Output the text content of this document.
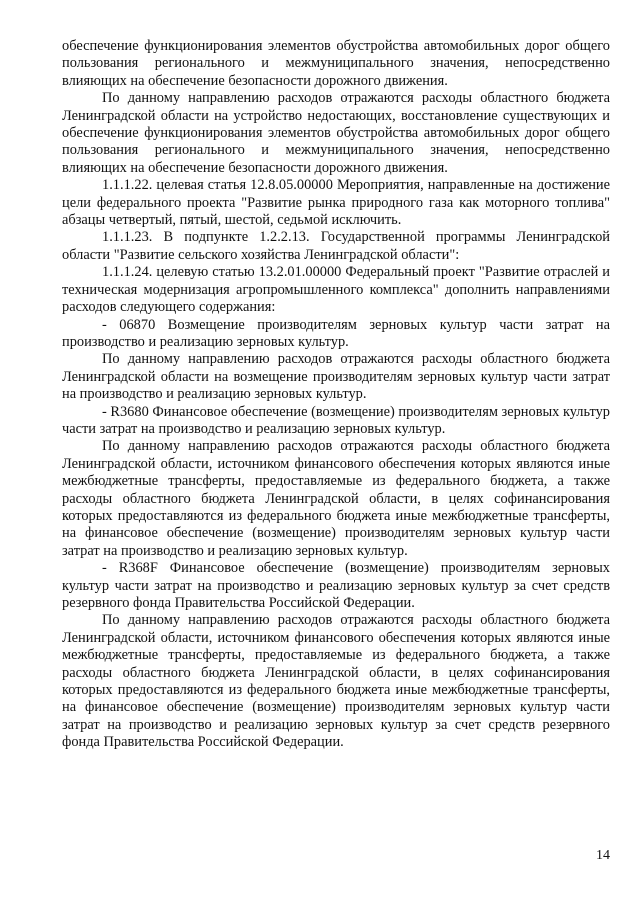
обеспечение функционирования элементов обустройства автомобильных дорог общего пользования регионального и межмуниципального значения, непосредственно влияющих на обеспечение безопасности дорожного движения.

По данному направлению расходов отражаются расходы областного бюджета Ленинградской области на устройство недостающих, восстановление существующих и обеспечение функционирования элементов обустройства автомобильных дорог общего пользования регионального и межмуниципального значения, непосредственно влияющих на обеспечение безопасности дорожного движения.

1.1.1.22. целевая статья 12.8.05.00000 Мероприятия, направленные на достижение цели федерального проекта "Развитие рынка природного газа как моторного топлива" абзацы четвертый, пятый, шестой, седьмой исключить.

1.1.1.23. В подпункте 1.2.2.13. Государственной программы Ленинградской области "Развитие сельского хозяйства Ленинградской области":

1.1.1.24. целевую статью 13.2.01.00000 Федеральный проект "Развитие отраслей и техническая модернизация агропромышленного комплекса" дополнить направлениями расходов следующего содержания:

- 06870 Возмещение производителям зерновых культур части затрат на производство и реализацию зерновых культур.

По данному направлению расходов отражаются расходы областного бюджета Ленинградской области на возмещение производителям зерновых культур части затрат на производство и реализацию зерновых культур.

- R3680 Финансовое обеспечение (возмещение) производителям зерновых культур части затрат на производство и реализацию зерновых культур.

По данному направлению расходов отражаются расходы областного бюджета Ленинградской области, источником финансового обеспечения которых являются иные межбюджетные трансферты, предоставляемые из федерального бюджета, а также расходы областного бюджета Ленинградской области, в целях софинансирования которых предоставляются из федерального бюджета иные межбюджетные трансферты, на финансовое обеспечение (возмещение) производителям зерновых культур части затрат на производство и реализацию зерновых культур.

- R368F Финансовое обеспечение (возмещение) производителям зерновых культур части затрат на производство и реализацию зерновых культур за счет средств резервного фонда Правительства Российской Федерации.

По данному направлению расходов отражаются расходы областного бюджета Ленинградской области, источником финансового обеспечения которых являются иные межбюджетные трансферты, предоставляемые из федерального бюджета, а также расходы областного бюджета Ленинградской области, в целях софинансирования которых предоставляются из федерального бюджета иные межбюджетные трансферты, на финансовое обеспечение (возмещение) производителям зерновых культур части затрат на производство и реализацию зерновых культур за счет средств резервного фонда Правительства Российской Федерации.

14
